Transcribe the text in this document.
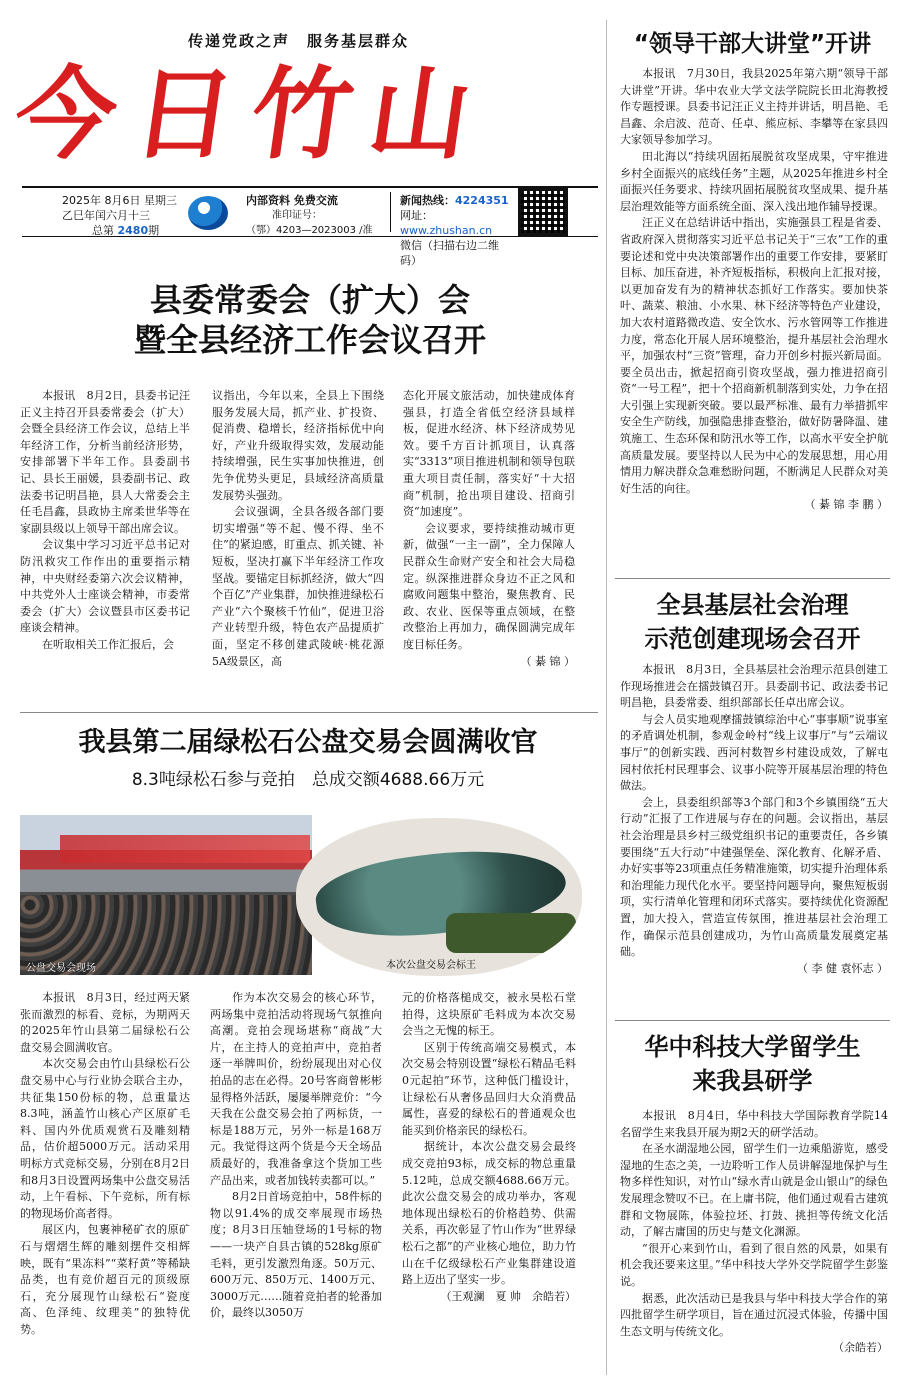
传递党政之声　服务基层群众
今日竹山
2025年 8月6日 星期三
乙巳年闰六月十三
总第 2480期
内部资料 免费交流
准印证号：
（鄂）4203—2023003 /准
新闻热线：4224351
网址：www.zhushan.cn
微信（扫描右边二维码）
县委常委会（扩大）会
暨全县经济工作会议召开

本报讯　8月2日，县委书记汪正义主持召开县委常委会（扩大）会暨全县经济工作会议，总结上半年经济工作，分析当前经济形势，安排部署下半年工作。县委副书记、县长王丽媛，县委副书记、政法委书记明昌艳，县人大常委会主任毛昌鑫，县政协主席柔世华等在家副县级以上领导干部出席会议。

会议集中学习习近平总书记对防汛救灾工作作出的重要指示精神，中央财经委第六次会议精神，中共党外人士座谈会精神，市委常委会（扩大）会议暨县市区委书记座谈会精神。

在听取相关工作汇报后，会

议指出，今年以来，全县上下围绕服务发展大局，抓产业、扩投资、促消费、稳增长，经济指标优中向好，产业升级取得实效，发展动能持续增强，民生实事加快推进，创先争优势头更足，县域经济高质量发展势头强劲。

会议强调，全县各级各部门要切实增强“等不起、慢不得、坐不住”的紧迫感，盯重点、抓关键、补短板，坚决打赢下半年经济工作攻坚战。要锚定目标抓经济，做大“四个百亿”产业集群，加快推进绿松石产业“六个聚核千竹仙”，促进卫浴产业转型升级，特色农产品提质扩面，坚定不移创建武陵峡·桃花源5A级景区，高

态化开展文旅活动，加快建成体育强县，打造全省低空经济县域样板，促进水经济、林下经济成势见效。要千方百计抓项目，认真落实“3313”项目推进机制和领导包联重大项目责任制，落实好“十大招商”机制，抢出项目建设、招商引资“加速度”。

会议要求，要持续推动城市更新，做强“一主一副”，全力保障人民群众生命财产安全和社会大局稳定。纵深推进群众身边不正之风和腐败问题集中整治，聚焦教育、民政、农业、医保等重点领域，在整改整治上再加力，确保圆满完成年度目标任务。

（ 綦 锦 ）
我县第二届绿松石公盘交易会圆满收官
8.3吨绿松石参与竞拍　总成交额4688.66万元
公盘交易会现场	本次公盘交易会标王

本报讯　8月3日，经过两天紧张而激烈的标看、竞标，为期两天的2025年竹山县第二届绿松石公盘交易会圆满收官。

本次交易会由竹山县绿松石公盘交易中心与行业协会联合主办，共征集150份标的物，总重量达8.3吨，涵盖竹山核心产区原矿毛料、国内外优质观赏石及雕刻精品，估价超5000万元。活动采用明标方式竞标交易，分别在8月2日和8月3日设置两场集中公盘交易活动，上午看标、下午竞标，所有标的物现场价高者得。

展区内，包裹神秘矿衣的原矿石与熠熠生辉的雕刻摆件交相辉映，既有“果冻料”“菜籽黄”等稀缺品类，也有竞价超百元的顶级原石，充分展现竹山绿松石“瓷度高、色泽纯、纹理美”的独特优势。

作为本次交易会的核心环节，两场集中竞拍活动将现场气氛推向高潮。竞拍会现场堪称“商战”大片，在主持人的竞拍声中，竞拍者逐一举牌叫价，纷纷展现出对心仪拍品的志在必得。20号客商曾彬彬显得格外活跃，屡屡举牌竞价：“今天我在公盘交易会拍了两标货，一标是188万元，另外一标是168万元。我觉得这两个货是今天全场品质最好的，我准备拿这个货加工些产品出来，或者加钱转卖都可以。”

8月2日首场竞拍中，58件标的物以91.4%的成交率展现市场热度；8月3日压轴登场的1号标的物——一块产自县古镇的528kg原矿毛料，更引发激烈角逐。50万元、600万元、850万元、1400万元、3000万元……随着竞拍者的轮番加价，最终以3050万

元的价格落槌成交，被永昊松石堂拍得，这块原矿毛料成为本次交易会当之无愧的标王。

区别于传统高端交易模式，本次交易会特别设置“绿松石精品毛料0元起拍”环节，这种低门槛设计，让绿松石从奢侈品回归大众消费品属性，喜爱的绿松石的普通观众也能买到价格亲民的绿松石。

据统计，本次公盘交易会最终成交竞拍93标，成交标的物总重量5.12吨，总成交额4688.66万元。此次公盘交易会的成功举办，客观地体现出绿松石的价格趋势、供需关系，再次彰显了竹山作为“世界绿松石之都”的产业核心地位，助力竹山在千亿级绿松石产业集群建设道路上迈出了坚实一步。

（王观澜　夏 帅　余皓若）
“领导干部大讲堂”开讲

本报讯　7月30日，我县2025年第六期“领导干部大讲堂”开讲。华中农业大学文法学院院长田北海教授作专题授课。县委书记汪正义主持并讲话，明昌艳、毛昌鑫、余启波、范奇、任卓、熊应标、李攀等在家县四大家领导参加学习。

田北海以“持续巩固拓展脱贫攻坚成果，守牢推进乡村全面振兴的底线任务”主题，从2025年推进乡村全面振兴任务要求、持续巩固拓展脱贫攻坚成果、提升基层治理效能等方面系统全面、深入浅出地作辅导授课。

汪正义在总结讲话中指出，实施强县工程是省委、省政府深入贯彻落实习近平总书记关于“三农”工作的重要论述和党中央决策部署作出的重要工作安排，要紧盯目标、加压奋进，补齐短板指标，积极向上汇报对接，以更加奋发有为的精神状态抓好工作落实。要加快茶叶、蔬菜、粮油、小水果、林下经济等特色产业建设，加大农村道路微改造、安全饮水、污水管网等工作推进力度，常态化开展人居环境整治，提升基层社会治理水平，加强农村“三资”管理，奋力开创乡村振兴新局面。要全员出击，掀起招商引资攻坚战，强力推进招商引资“一号工程”，把十个招商新机制落到实处，力争在招大引强上实现新突破。要以最严标准、最有力举措抓牢安全生产防线，加强隐患排查整治，做好防暑降温、建筑施工、生态环保和防汛水等工作，以高水平安全护航高质量发展。要坚持以人民为中心的发展思想，用心用情用力解决群众急难愁盼问题，不断满足人民群众对美好生活的向往。

（ 綦 锦 李 鹏 ）
全县基层社会治理
示范创建现场会召开

本报讯　8月3日，全县基层社会治理示范县创建工作现场推进会在擂鼓镇召开。县委副书记、政法委书记明昌艳，县委常委、组织部部长任卓出席会议。

与会人员实地观摩擂鼓镇综治中心“事事顺”说事室的矛盾调处机制，参观金岭村“线上议事厅”与“云端议事厅”的创新实践、西河村数智乡村建设成效，了解屯园村依托村民理事会、议事小院等开展基层治理的特色做法。

会上，县委组织部等3个部门和3个乡镇围绕“五大行动”汇报了工作进展与存在的问题。会议指出，基层社会治理是县乡村三级党组织书记的重要责任，各乡镇要围绕“五大行动”中建强堡垒、深化教育、化解矛盾、办好实事等23项重点任务精准施策，切实提升治理体系和治理能力现代化水平。要坚持问题导向，聚焦短板弱项，实行清单化管理和闭环式落实。要持续优化资源配置，加大投入，营造宣传氛围，推进基层社会治理工作，确保示范县创建成功，为竹山高质量发展奠定基础。

（ 李 健 袁怀志 ）
华中科技大学留学生
来我县研学

本报讯　8月4日，华中科技大学国际教育学院14名留学生来我县开展为期2天的研学活动。

在圣水湖湿地公园，留学生们一边乘船游览，感受湿地的生态之美，一边聆听工作人员讲解湿地保护与生物多样性知识，对竹山“绿水青山就是金山银山”的绿色发展理念赞叹不已。在上庸书院，他们通过观看古建筑群和文物展陈，体验拉坯、打鼓、挑担等传统文化活动，了解古庸国的历史与楚文化渊源。

“很开心来到竹山，看到了很自然的风景，如果有机会我还要来这里。”华中科技大学外交学院留学生彭鉴说。

据悉，此次活动已是我县与华中科技大学合作的第四批留学生研学项目，旨在通过沉浸式体验，传播中国生态文明与传统文化。

（余皓若）
